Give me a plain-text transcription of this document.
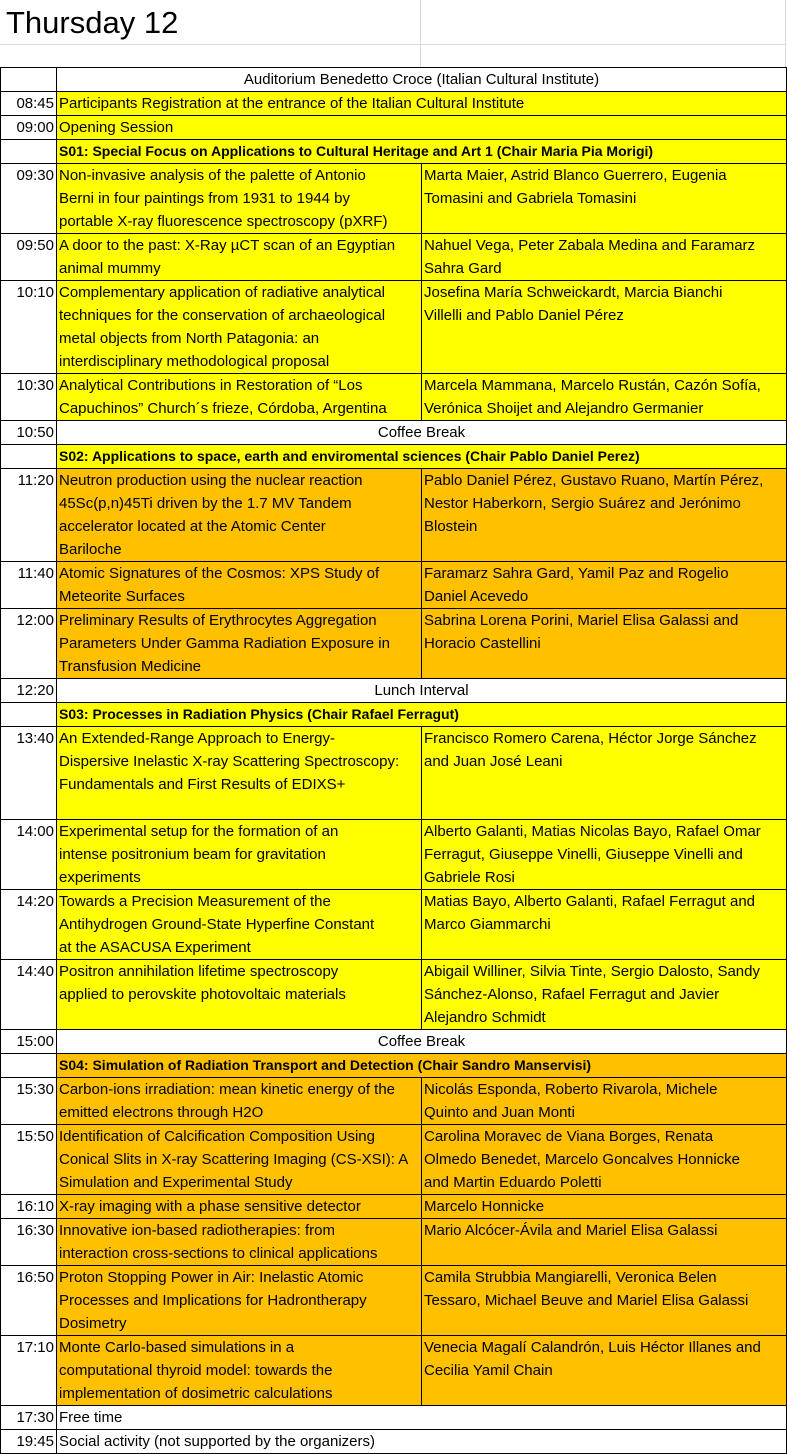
Thursday 12
	Auditorium Benedetto Croce (Italian Cultural Institute)	
08:45	Participants Registration at the entrance of the Italian Cultural Institute	
09:00	Opening Session	
	S01: Special Focus on Applications to Cultural Heritage and Art 1 (Chair Maria Pia Morigi)	
09:30	Non-invasive analysis of the palette of Antonio
Berni in four paintings from 1931 to 1944 by
portable X-ray fluorescence spectroscopy (pXRF)	Marta Maier, Astrid Blanco Guerrero, Eugenia
Tomasini and Gabriela Tomasini

09:50	A door to the past: X-Ray µCT scan of an Egyptian
animal mummy	Nahuel Vega, Peter Zabala Medina and Faramarz
Sahra Gard

10:10	Complementary application of radiative analytical
techniques for the conservation of archaeological
metal objects from North Patagonia: an
interdisciplinary methodological proposal	Josefina María Schweickardt, Marcia Bianchi
Villelli and Pablo Daniel Pérez

10:30	Analytical Contributions in Restoration of “Los
Capuchinos” Church´s frieze, Córdoba, Argentina	Marcela Mammana, Marcelo Rustán, Cazón Sofía,
Verónica Shoijet and Alejandro Germanier

10:50	Coffee Break	
	S02: Applications to space, earth and enviromental sciences (Chair Pablo Daniel Perez)	
11:20	Neutron production using the nuclear reaction
45Sc(p,n)45Ti driven by the 1.7 MV Tandem
accelerator located at the Atomic Center
Bariloche	Pablo Daniel Pérez, Gustavo Ruano, Martín Pérez,
Nestor Haberkorn, Sergio Suárez and Jerónimo
Blostein

11:40	Atomic Signatures of the Cosmos: XPS Study of
Meteorite Surfaces	Faramarz Sahra Gard, Yamil Paz and Rogelio
Daniel Acevedo

12:00	Preliminary Results of Erythrocytes Aggregation
Parameters Under Gamma Radiation Exposure in
Transfusion Medicine	Sabrina Lorena Porini, Mariel Elisa Galassi and
Horacio Castellini

12:20	Lunch Interval	
	S03: Processes in Radiation Physics (Chair Rafael Ferragut)	
13:40	An Extended-Range Approach to Energy-
Dispersive Inelastic X-ray Scattering Spectroscopy:
Fundamentals and First Results of EDIXS+	Francisco Romero Carena, Héctor Jorge Sánchez
and Juan José Leani

14:00	Experimental setup for the formation of an
intense positronium beam for gravitation
experiments	Alberto Galanti, Matias Nicolas Bayo, Rafael Omar
Ferragut, Giuseppe Vinelli, Giuseppe Vinelli and
Gabriele Rosi

14:20	Towards a Precision Measurement of the
Antihydrogen Ground-State Hyperfine Constant
at the ASACUSA Experiment	Matias Bayo, Alberto Galanti, Rafael Ferragut and
Marco Giammarchi

14:40	Positron annihilation lifetime spectroscopy
applied to perovskite photovoltaic materials	Abigail Williner, Silvia Tinte, Sergio Dalosto, Sandy
Sánchez-Alonso, Rafael Ferragut and Javier
Alejandro Schmidt

15:00	Coffee Break	
	S04: Simulation of Radiation Transport and Detection (Chair Sandro Manservisi)	
15:30	Carbon-ions irradiation: mean kinetic energy of the
emitted electrons through H2O	Nicolás Esponda, Roberto Rivarola, Michele
Quinto and Juan Monti

15:50	Identification of Calcification Composition Using
Conical Slits in X-ray Scattering Imaging (CS-XSI): A
Simulation and Experimental Study	Carolina Moravec de Viana Borges, Renata
Olmedo Benedet, Marcelo Goncalves Honnicke
and Martin Eduardo Poletti

16:10	X-ray imaging with a phase sensitive detector	Marcelo Honnicke

16:30	Innovative ion-based radiotherapies: from
interaction cross-sections to clinical applications	Mario Alcócer-Ávila and Mariel Elisa Galassi

16:50	Proton Stopping Power in Air: Inelastic Atomic
Processes and Implications for Hadrontherapy
Dosimetry	Camila Strubbia Mangiarelli, Veronica Belen
Tessaro, Michael Beuve and Mariel Elisa Galassi

17:10	Monte Carlo-based simulations in a
computational thyroid model: towards the
implementation of dosimetric calculations	Venecia Magalí Calandrón, Luis Héctor Illanes and
Cecilia Yamil Chain

17:30	Free time	
19:45	Social activity (not supported by the organizers)	
